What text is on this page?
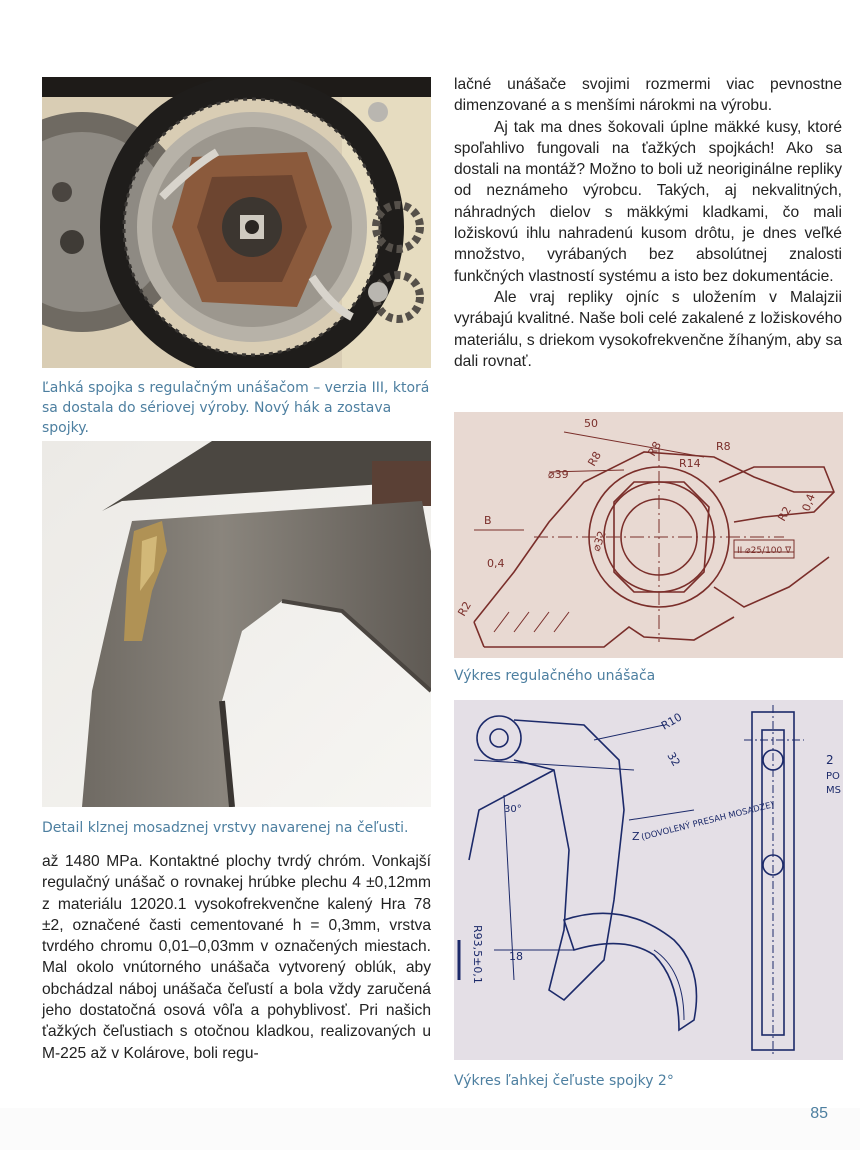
Ľahká spojka s regulačným unášačom – verzia III, ktorá sa dostala do sériovej výroby. Nový hák a zostava spojky.
Detail klznej mosadznej vrstvy navarenej na čeľusti.

až 1480 MPa. Kontaktné plochy tvrdý chróm. Vonkajší regulačný unášač o rovnakej hrúbke plechu 4 ±0,12mm z materiálu 12020.1 vysokofrekvenčne kalený Hra 78 ±2, označené časti cementované h = 0,3mm, vrstva tvrdého chromu 0,01–0,03mm v označených miestach. Mal okolo vnútorného unášača vytvorený oblúk, aby obchádzal náboj unášača čeľustí a bola vždy zaručená jeho dostatočná osová vôľa a pohyblivosť. Pri našich ťažkých čeľustiach s otočnou kladkou, realizovaných u M-225 až v Kolárove, boli regu-

lačné unášače svojimi rozmermi viac pevnostne dimenzované a s menšími nárokmi na výrobu.

Aj tak ma dnes šokovali úplne mäkké kusy, ktoré spoľahlivo fungovali na ťažkých spojkách! Ako sa dostali na montáž? Možno to boli už neoriginálne repliky od neznámeho výrobcu. Takých, aj nekvalitných, náhradných dielov s mäkkými kladkami, čo mali ložiskovú ihlu nahradenú kusom drôtu, je dnes veľké množstvo, vyrábaných bez absolútnej znalosti funkčných vlastností systému a isto bez dokumentácie.

Ale vraj repliky ojníc s uložením v Malajzii vyrábajú kvalitné. Naše boli celé zakalené z ložiskového materiálu, s driekom vysokofrekvenčne žíhaným, aby sa dali rovnať.

50
R8
R8
R14
R8
⌀39
⌀32
B
0,4
0,4
R2
R2
II ⌀25/100 ∇
Výkres regulačného unášača
R10
32
30°
Z (DOVOLENÝ PRESAH MOSADZE)
R93,5±0,1 18
2
PO
MS
Výkres ľahkej čeľuste spojky 2°
85
